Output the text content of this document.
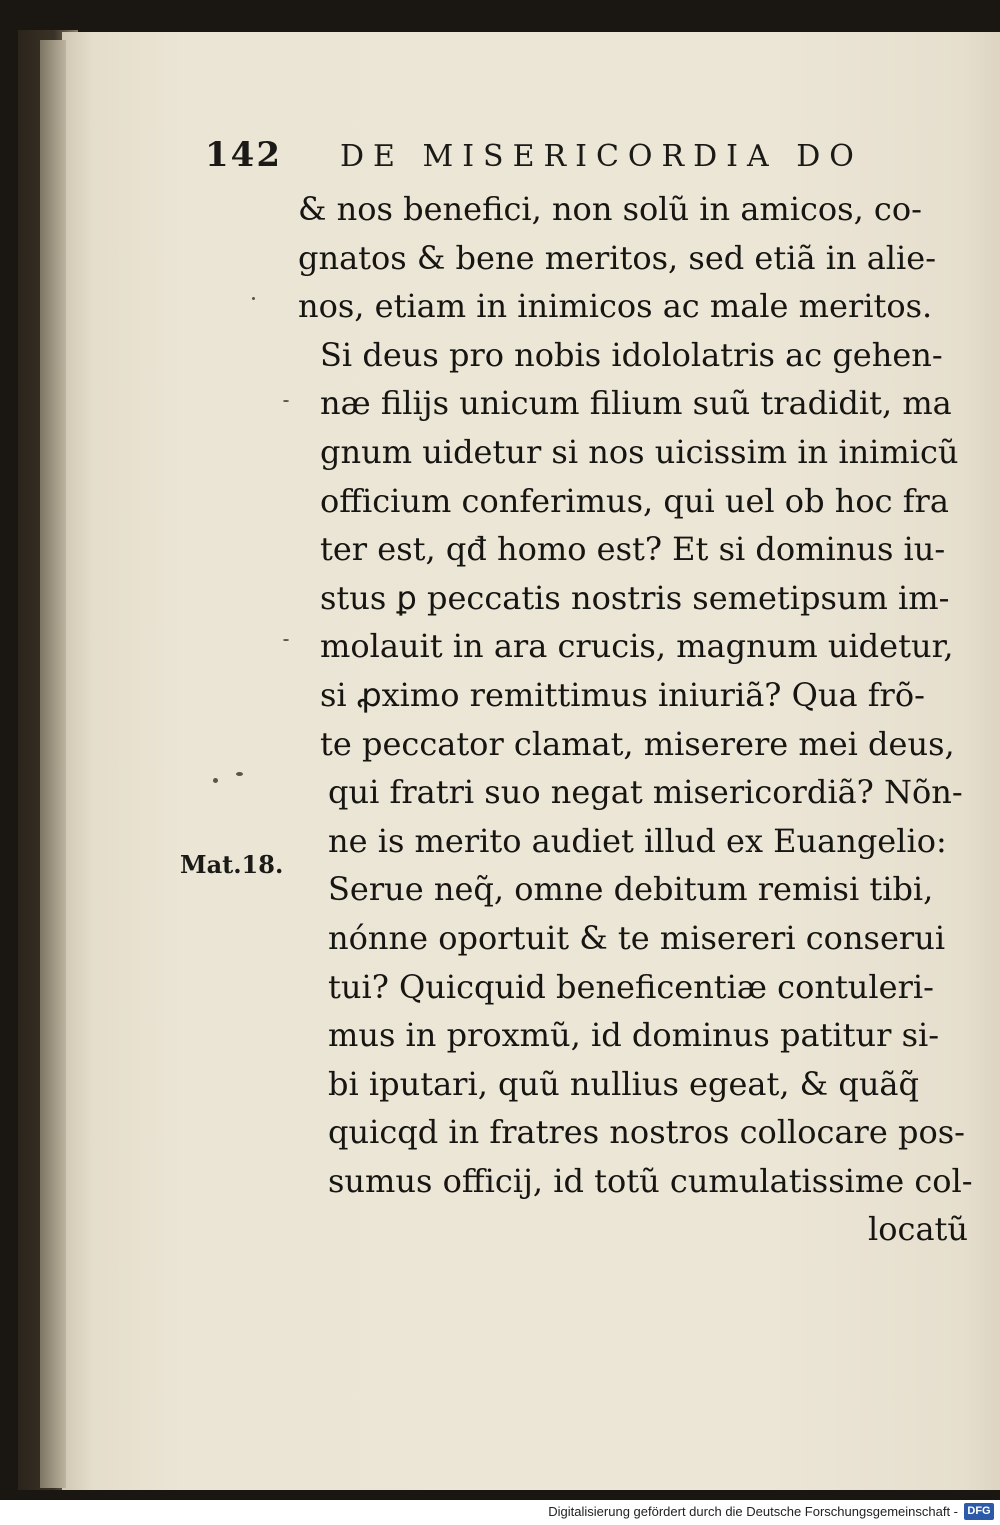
142 DE MISERICORDIA DO
Mat.18.
& nos benefici, non solũ in amicos, co-
gnatos & bene meritos, sed etiã in alie-
nos, etiam in inimicos ac male meritos.
Si deus pro nobis idololatris ac gehen-
næ filijs unicum filium suũ tradidit, ma
gnum uidetur si nos uicissim in inimicũ
officium conferimus, qui uel ob hoc fra
ter est, qđ homo est? Et si dominus iu-
stus ꝑ peccatis nostris semetipsum im-
molauit in ara crucis, magnum uidetur,
si ꝓximo remittimus iniuriã? Qua frõ-
te peccator clamat, miserere mei deus,
qui fratri suo negat misericordiã? Nõn-
ne is merito audiet illud ex Euangelio:
Serue neq̃, omne debitum remisi tibi,
nónne oportuit & te misereri conserui
tui? Quicquid beneficentiæ contuleri-
mus in proxmũ, id dominus patitur si-
bi iputari, quũ nullius egeat, & quãq̃
quicqd in fratres nostros collocare pos-
sumus officij, id totũ cumulatissime col-
locatũ
Digitalisierung gefördert durch die Deutsche Forschungsgemeinschaft - DFG
